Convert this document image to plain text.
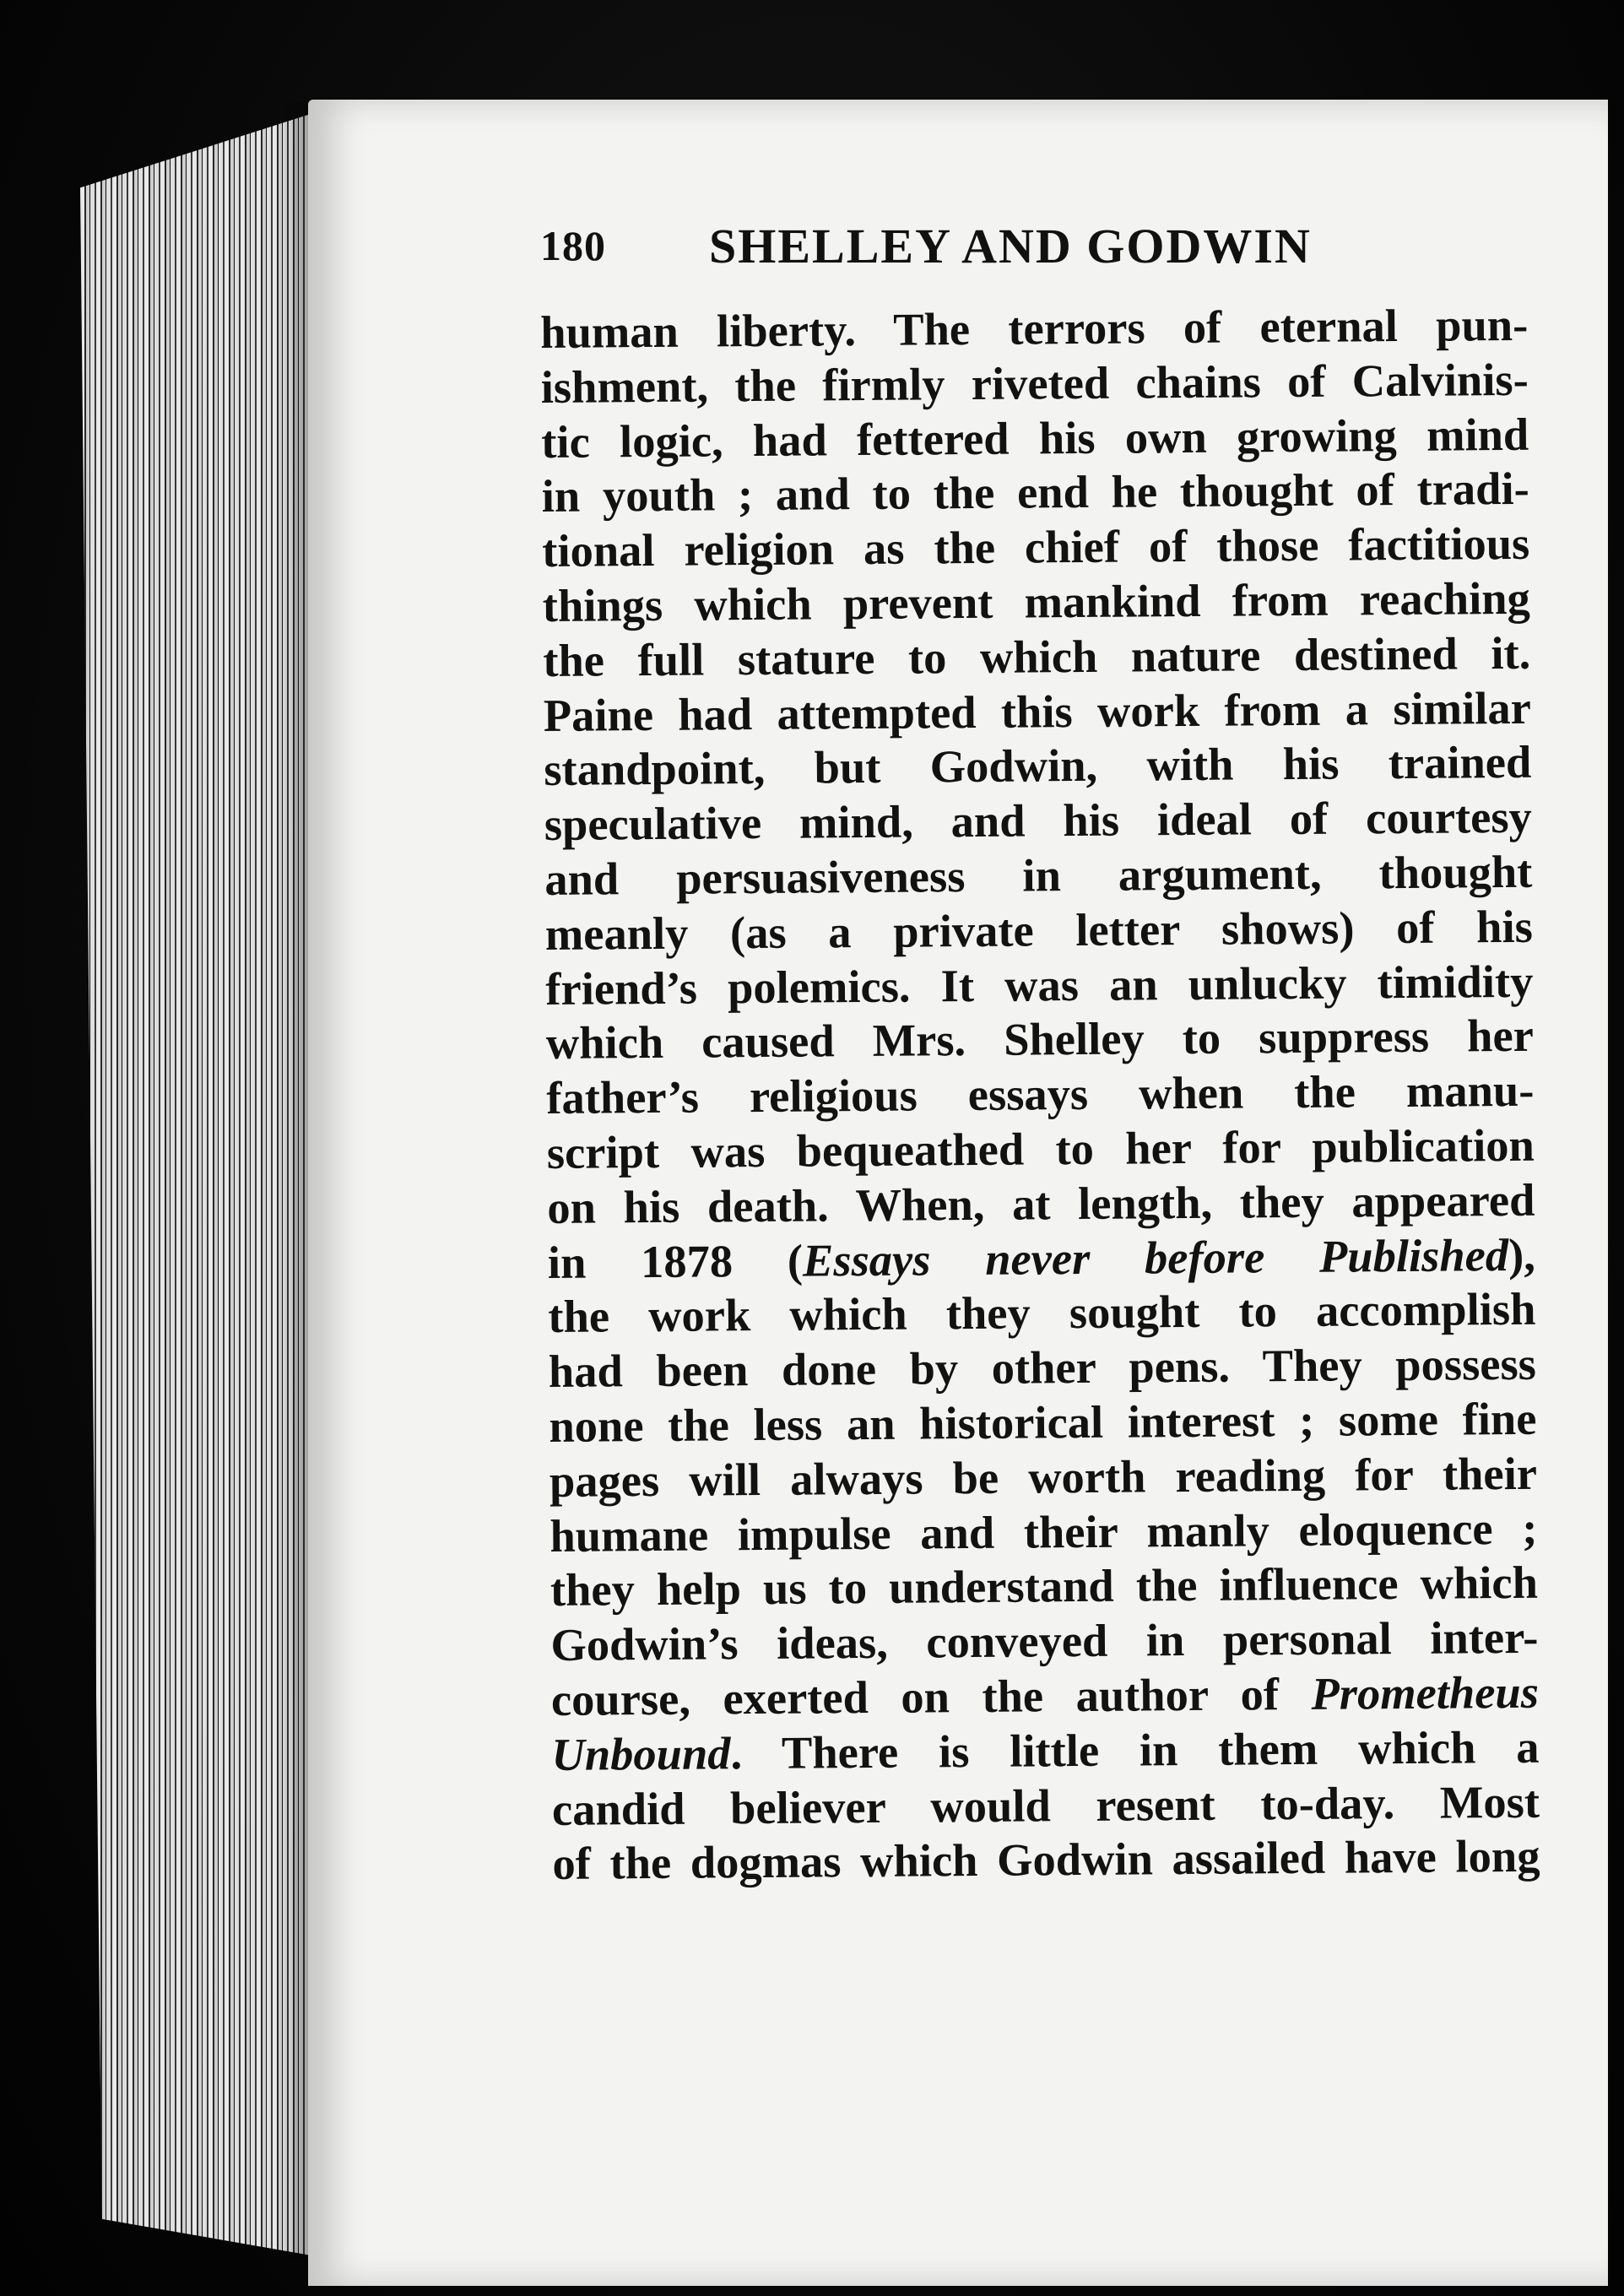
180 SHELLEY AND GODWIN
human liberty. The terrors of eternal pun-
ishment, the firmly riveted chains of Calvinis-
tic logic, had fettered his own growing mind
in youth ; and to the end he thought of tradi-
tional religion as the chief of those factitious
things which prevent mankind from reaching
the full stature to which nature destined it.
Paine had attempted this work from a similar
standpoint, but Godwin, with his trained
speculative mind, and his ideal of courtesy
and persuasiveness in argument, thought
meanly (as a private letter shows) of his
friend’s polemics. It was an unlucky timidity
which caused Mrs. Shelley to suppress her
father’s religious essays when the manu-
script was bequeathed to her for publication
on his death. When, at length, they appeared
in 1878 (Essays never before Published),
the work which they sought to accomplish
had been done by other pens. They possess
none the less an historical interest ; some fine
pages will always be worth reading for their
humane impulse and their manly eloquence ;
they help us to understand the influence which
Godwin’s ideas, conveyed in personal inter-
course, exerted on the author of Prometheus
Unbound. There is little in them which a
candid believer would resent to-day. Most
of the dogmas which Godwin assailed have long
